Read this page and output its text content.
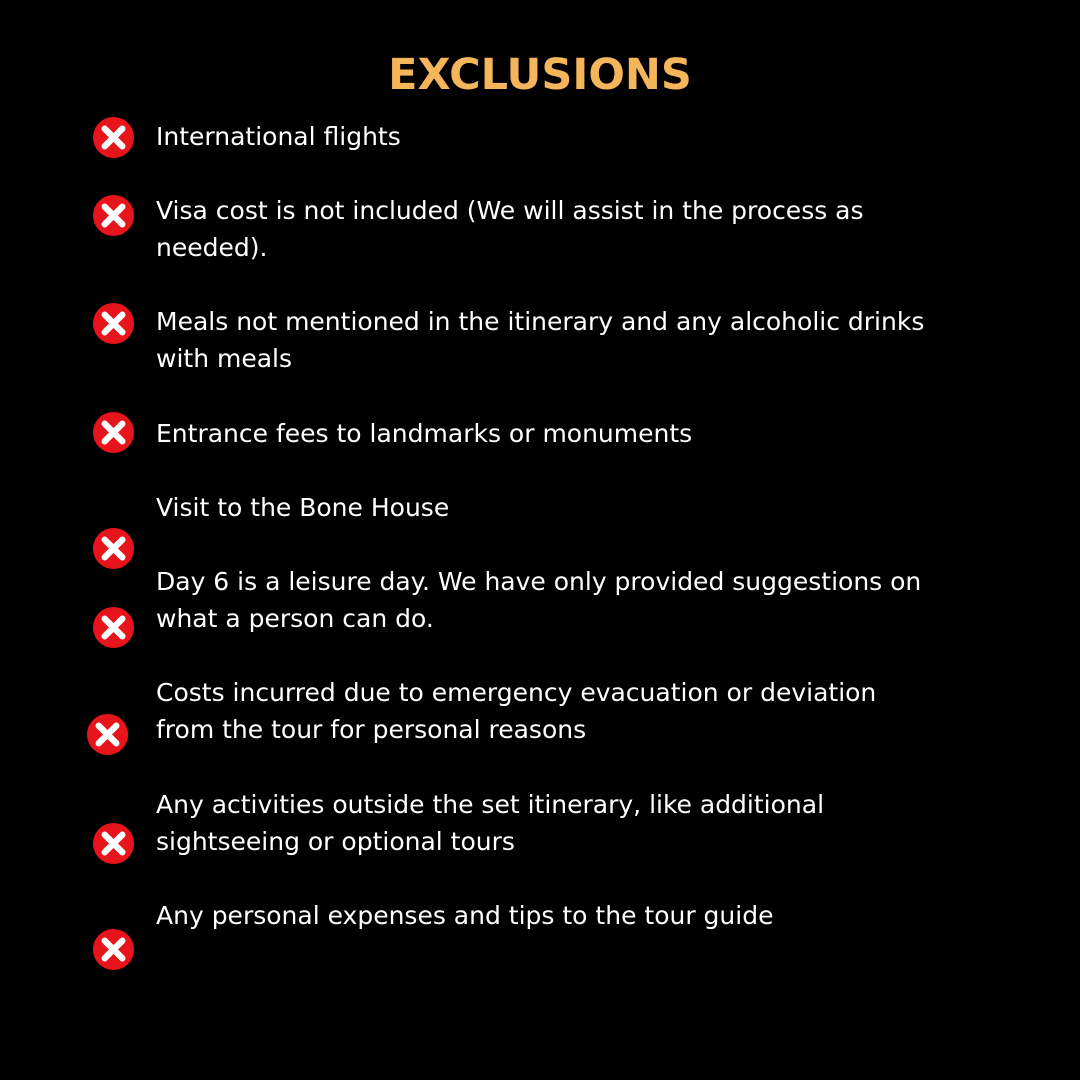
EXCLUSIONS
International flights
Visa cost is not included (We will assist in the process as
needed).
Meals not mentioned in the itinerary and any alcoholic drinks
with meals
Entrance fees to landmarks or monuments
Visit to the Bone House
Day 6 is a leisure day. We have only provided suggestions on
what a person can do.
Costs incurred due to emergency evacuation or deviation
from the tour for personal reasons
Any activities outside the set itinerary, like additional
sightseeing or optional tours
Any personal expenses and tips to the tour guide
